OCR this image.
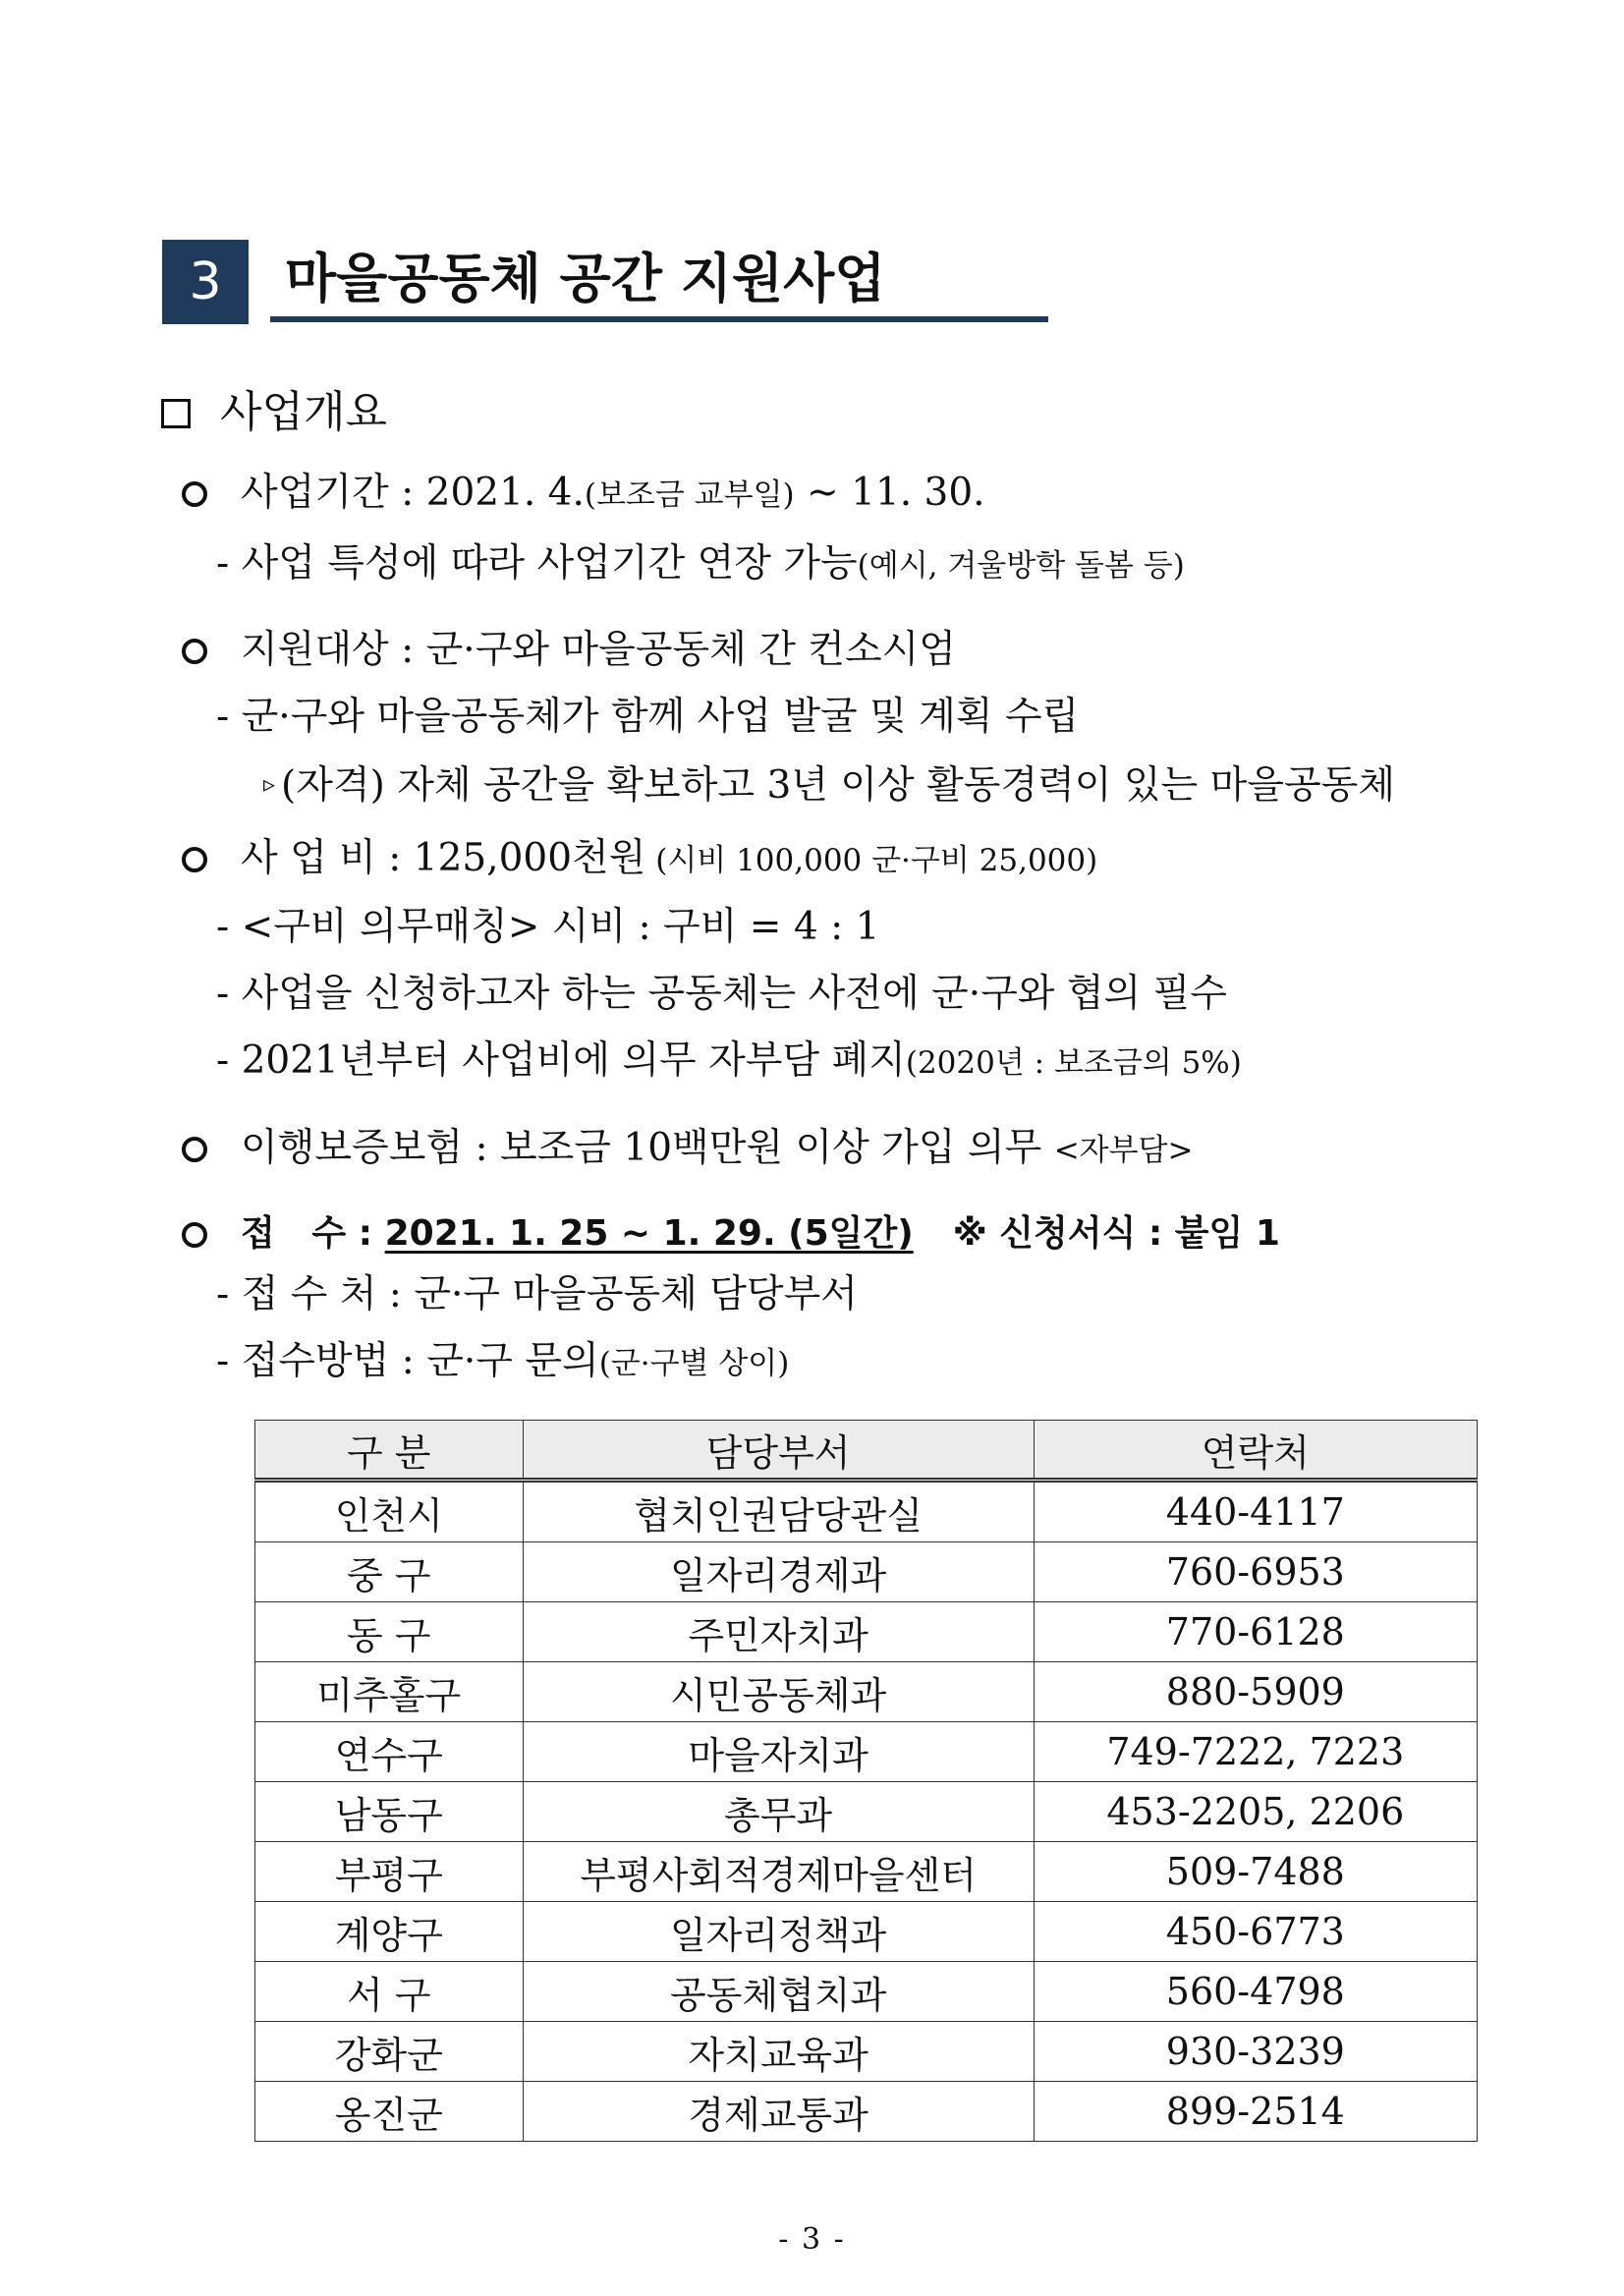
3	마을공동체 공간 지원사업
사업개요
사업기간 : 2021. 4.(보조금 교부일) ~ 11. 30.
- 사업 특성에 따라 사업기간 연장 가능(예시, 겨울방학 돌봄 등)
지원대상 : 군·구와 마을공동체 간 컨소시엄
- 군·구와 마을공동체가 함께 사업 발굴 및 계획 수립
▹ (자격) 자체 공간을 확보하고 3년 이상 활동경력이 있는 마을공동체
사 업 비 : 125,000천원 (시비 100,000 군·구비 25,000)
- <구비 의무매칭> 시비 : 구비 = 4 : 1
- 사업을 신청하고자 하는 공동체는 사전에 군·구와 협의 필수
- 2021년부터 사업비에 의무 자부담 폐지(2020년 : 보조금의 5%)
이행보증보험 : 보조금 10백만원 이상 가입 의무 <자부담>
접   수 : 2021. 1. 25 ~ 1. 29. (5일간) ※ 신청서식 : 붙임 1
- 접 수 처 : 군·구 마을공동체 담당부서
- 접수방법 : 군·구 문의(군·구별 상이)
구 분	담당부서	연락처
인천시	협치인권담당관실	440-4117
중 구	일자리경제과	760-6953
동 구	주민자치과	770-6128
미추홀구	시민공동체과	880-5909
연수구	마을자치과	749-7222, 7223
남동구	총무과	453-2205, 2206
부평구	부평사회적경제마을센터	509-7488
계양구	일자리정책과	450-6773
서 구	공동체협치과	560-4798
강화군	자치교육과	930-3239
옹진군	경제교통과	899-2514
- 3 -
